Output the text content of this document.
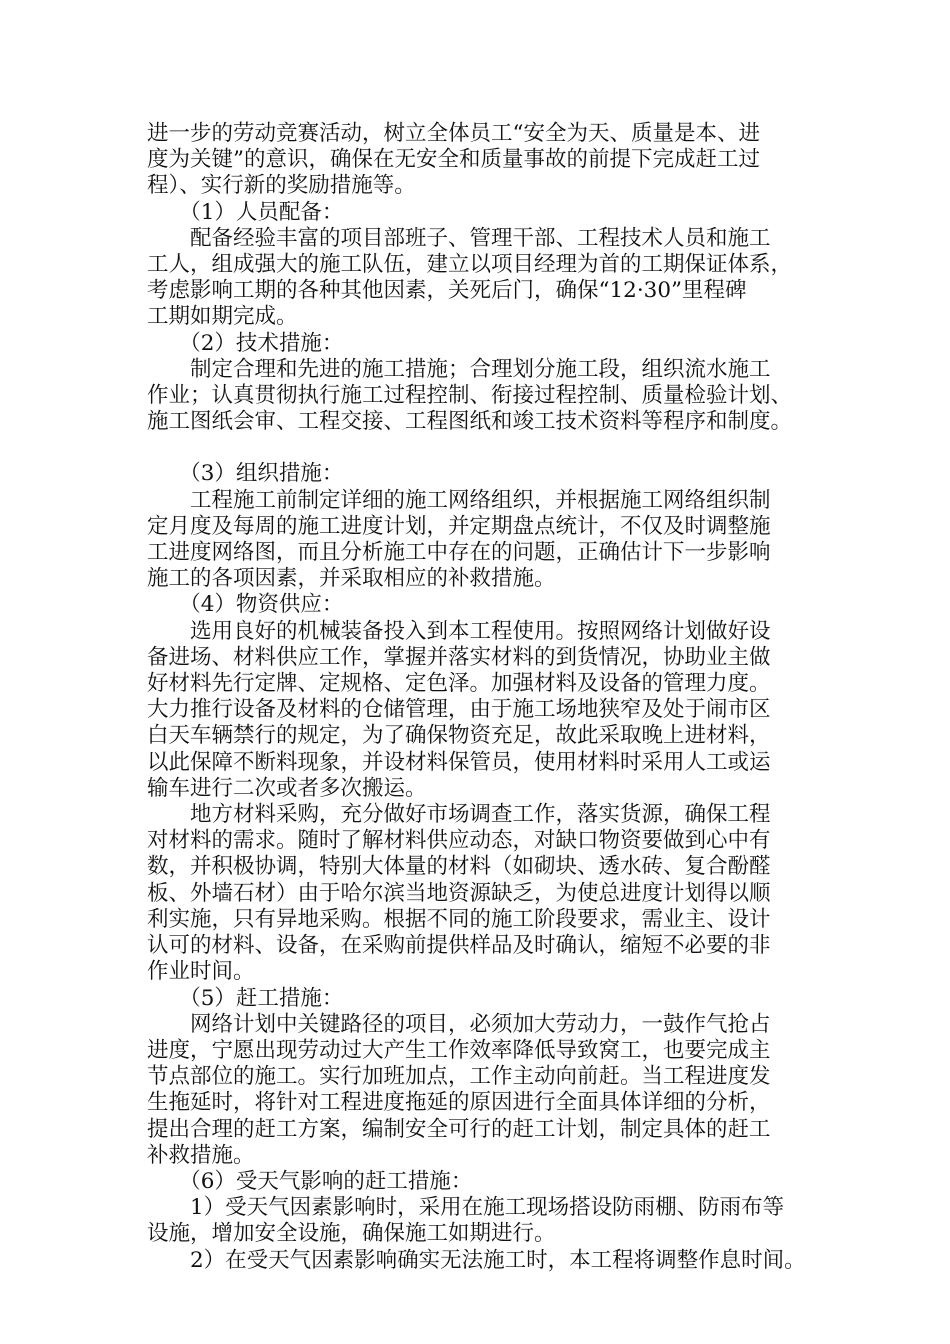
进一步的劳动竞赛活动，树立全体员工“安全为天、质量是本、进
度为关键”的意识，确保在无安全和质量事故的前提下完成赶工过
程）、实行新的奖励措施等。

　　（1）人员配备：

　　配备经验丰富的项目部班子、管理干部、工程技术人员和施工
工人，组成强大的施工队伍，建立以项目经理为首的工期保证体系，
考虑影响工期的各种其他因素，关死后门，确保“12·30”里程碑
工期如期完成。

　　（2）技术措施：

　　制定合理和先进的施工措施；合理划分施工段，组织流水施工
作业；认真贯彻执行施工过程控制、衔接过程控制、质量检验计划、
施工图纸会审、工程交接、工程图纸和竣工技术资料等程序和制度。

　　（3）组织措施：

　　工程施工前制定详细的施工网络组织，并根据施工网络组织制
定月度及每周的施工进度计划，并定期盘点统计，不仅及时调整施
工进度网络图，而且分析施工中存在的问题，正确估计下一步影响
施工的各项因素，并采取相应的补救措施。

　　（4）物资供应：

　　选用良好的机械装备投入到本工程使用。按照网络计划做好设
备进场、材料供应工作，掌握并落实材料的到货情况，协助业主做
好材料先行定牌、定规格、定色泽。加强材料及设备的管理力度。
大力推行设备及材料的仓储管理，由于施工场地狭窄及处于闹市区
白天车辆禁行的规定，为了确保物资充足，故此采取晚上进材料，
以此保障不断料现象，并设材料保管员，使用材料时采用人工或运
输车进行二次或者多次搬运。

　　地方材料采购，充分做好市场调查工作，落实货源，确保工程
对材料的需求。随时了解材料供应动态，对缺口物资要做到心中有
数，并积极协调，特别大体量的材料（如砌块、透水砖、复合酚醛
板、外墙石材）由于哈尔滨当地资源缺乏，为使总进度计划得以顺
利实施，只有异地采购。根据不同的施工阶段要求，需业主、设计
认可的材料、设备，在采购前提供样品及时确认，缩短不必要的非
作业时间。

　　（5）赶工措施：

　　网络计划中关键路径的项目，必须加大劳动力，一鼓作气抢占
进度，宁愿出现劳动过大产生工作效率降低导致窝工，也要完成主
节点部位的施工。实行加班加点，工作主动向前赶。当工程进度发
生拖延时，将针对工程进度拖延的原因进行全面具体详细的分析，
提出合理的赶工方案，编制安全可行的赶工计划，制定具体的赶工
补救措施。

　　（6）受天气影响的赶工措施：

　　1）受天气因素影响时，采用在施工现场搭设防雨棚、防雨布等
设施，增加安全设施，确保施工如期进行。

　　2）在受天气因素影响确实无法施工时，本工程将调整作息时间。
